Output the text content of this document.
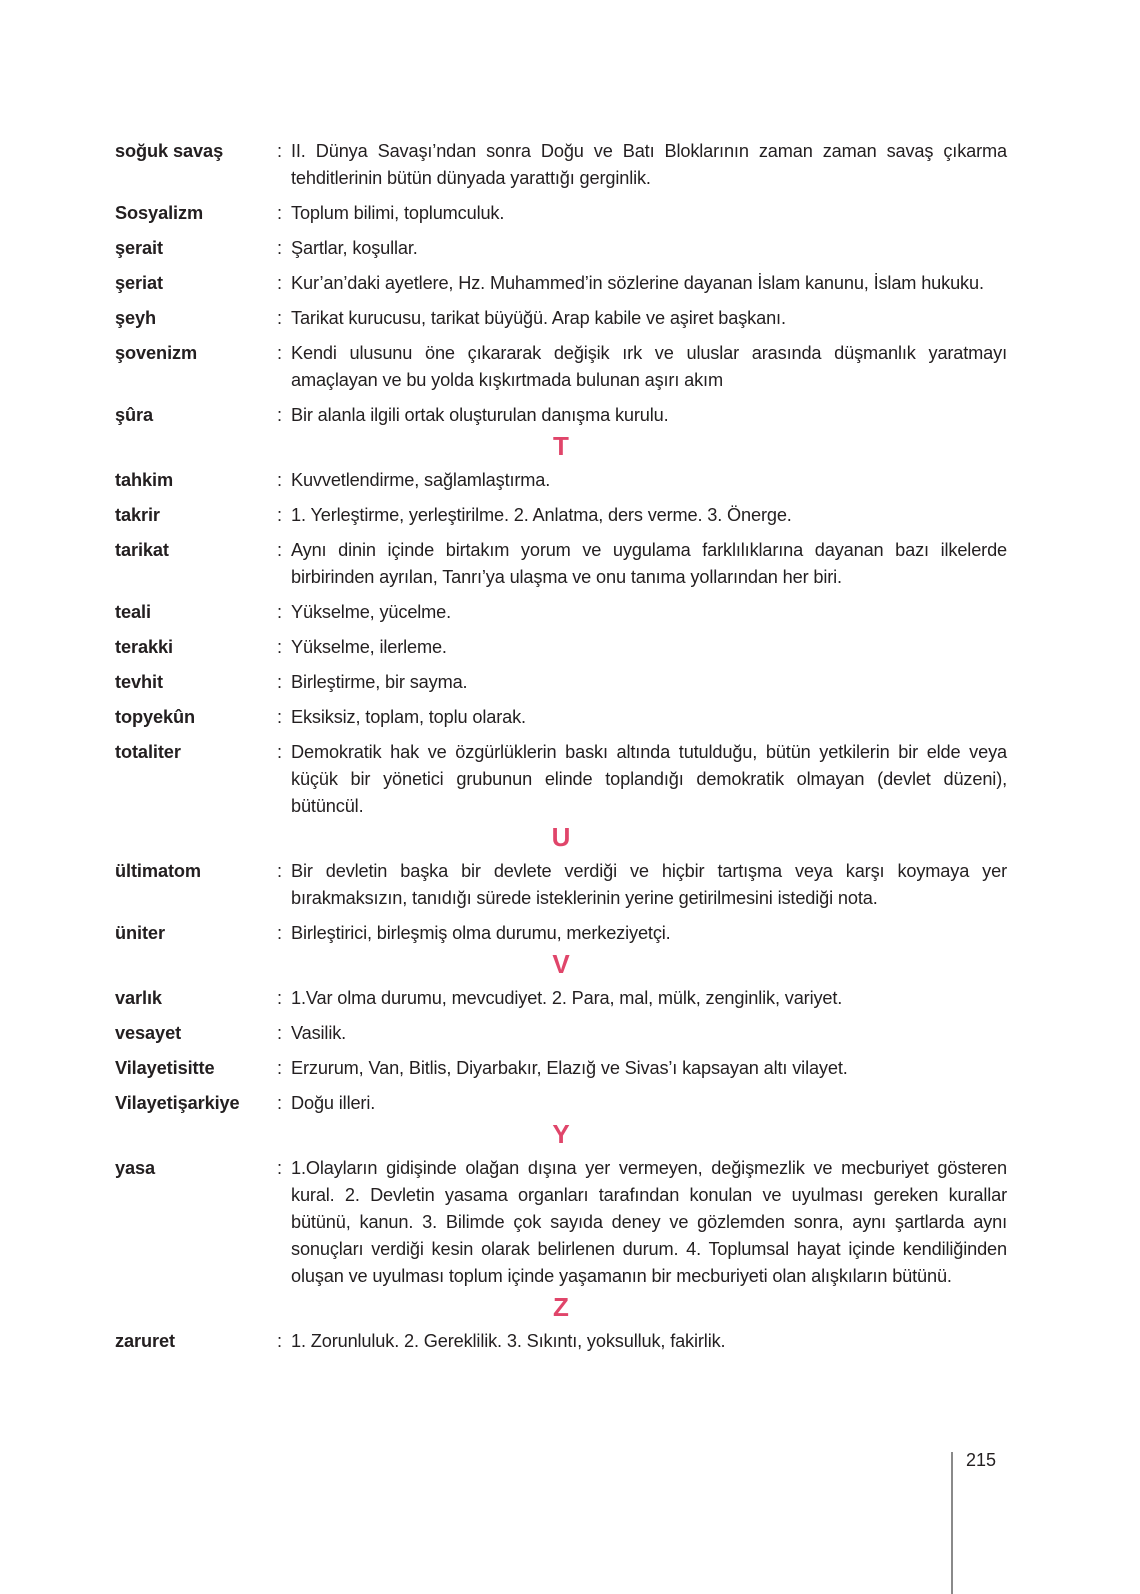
soğuk savaş	: II. Dünya Savaşı’ndan sonra Doğu ve Batı Bloklarının zaman zaman savaş çıkarma tehditlerinin bütün dünyada yarattığı gerginlik.
Sosyalizm	: Toplum bilimi, toplumculuk.
şerait	: Şartlar, koşullar.
şeriat	: Kur’an’daki ayetlere, Hz. Muhammed’in sözlerine dayanan İslam kanunu, İslam hukuku.
şeyh	: Tarikat kurucusu, tarikat büyüğü. Arap kabile ve aşiret başkanı.
şovenizm	: Kendi ulusunu öne çıkararak değişik ırk ve uluslar arasında düşmanlık yaratmayı amaçlayan ve bu yolda kışkırtmada bulunan aşırı akım
şûra	: Bir alanla ilgili ortak oluşturulan danışma kurulu.
T
tahkim	: Kuvvetlendirme, sağlamlaştırma.
takrir	: 1. Yerleştirme, yerleştirilme. 2. Anlatma, ders verme. 3. Önerge.
tarikat	: Aynı dinin içinde birtakım yorum ve uygulama farklılıklarına dayanan bazı ilkelerde birbirinden ayrılan, Tanrı’ya ulaşma ve onu tanıma yollarından her biri.
teali	: Yükselme, yücelme.
terakki	: Yükselme, ilerleme.
tevhit	: Birleştirme, bir sayma.
topyekûn	: Eksiksiz, toplam, toplu olarak.
totaliter	: Demokratik hak ve özgürlüklerin baskı altında tutulduğu, bütün yetkilerin bir elde veya küçük bir yönetici grubunun elinde toplandığı demokratik olmayan (devlet düzeni), bütüncül.
U
ültimatom	: Bir devletin başka bir devlete verdiği ve hiçbir tartışma veya karşı koymaya yer bırakmaksızın, tanıdığı sürede isteklerinin yerine getirilmesini istediği nota.
üniter	: Birleştirici, birleşmiş olma durumu, merkeziyetçi.
V
varlık	: 1.Var olma durumu, mevcudiyet. 2. Para, mal, mülk, zenginlik, variyet.
vesayet	: Vasilik.
Vilayetisitte	: Erzurum, Van, Bitlis, Diyarbakır, Elazığ ve Sivas’ı kapsayan altı vilayet.
Vilayetişarkiye	: Doğu illeri.
Y
yasa	: 1.Olayların gidişinde olağan dışına yer vermeyen, değişmezlik ve mecburiyet gösteren kural. 2. Devletin yasama organları tarafından konulan ve uyulması gereken kurallar bütünü, kanun. 3. Bilimde çok sayıda deney ve gözlemden sonra, aynı şartlarda aynı sonuçları verdiği kesin olarak belirlenen durum. 4. Toplumsal hayat içinde kendiliğinden oluşan ve uyulması toplum içinde yaşamanın bir mecburiyeti olan alışkıların bütünü.
Z
zaruret	: 1. Zorunluluk. 2. Gereklilik. 3. Sıkıntı, yoksulluk, fakirlik.
215
